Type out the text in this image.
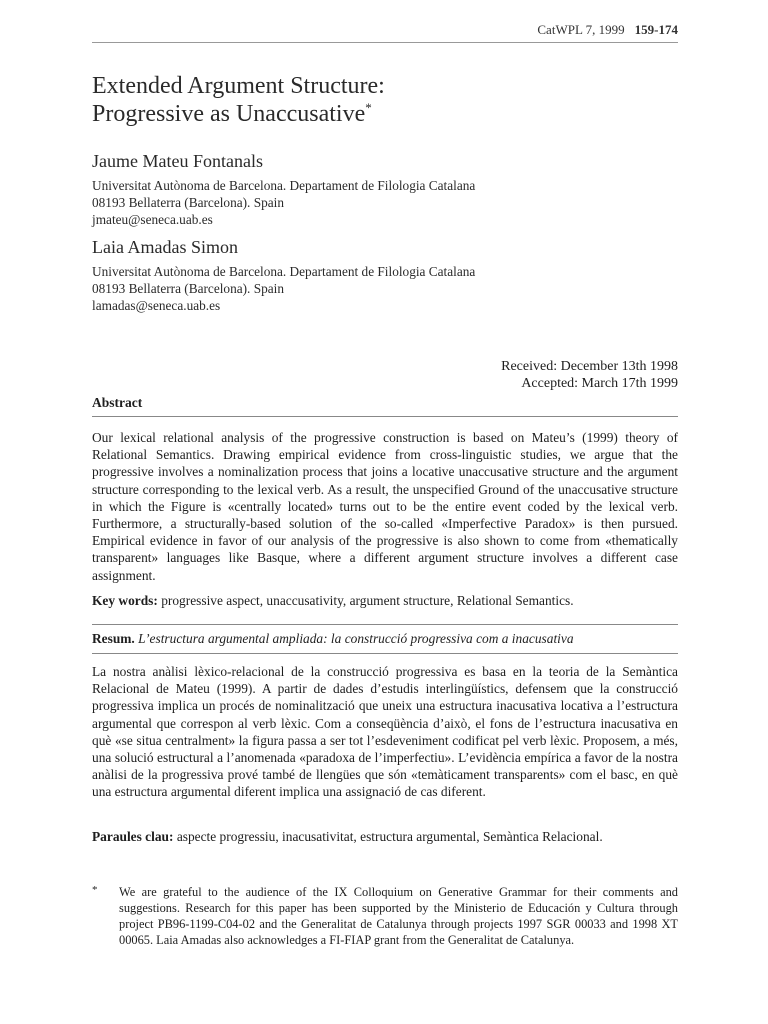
CatWPL 7, 1999 159-174
Extended Argument Structure:
Progressive as Unaccusative*
Jaume Mateu Fontanals
Universitat Autònoma de Barcelona. Departament de Filologia Catalana
08193 Bellaterra (Barcelona). Spain
jmateu@seneca.uab.es
Laia Amadas Simon
Universitat Autònoma de Barcelona. Departament de Filologia Catalana
08193 Bellaterra (Barcelona). Spain
lamadas@seneca.uab.es
Received: December 13th 1998
Accepted: March 17th 1999
Abstract
Our lexical relational analysis of the progressive construction is based on Mateu’s (1999) theory of Relational Semantics. Drawing empirical evidence from cross-linguistic studies, we argue that the progressive involves a nominalization process that joins a locative unaccusative structure and the argument structure corresponding to the lexical verb. As a result, the unspecified Ground of the unaccusative structure in which the Figure is «centrally located» turns out to be the entire event coded by the lexical verb. Furthermore, a structurally-based solution of the so-called «Imperfective Paradox» is then pursued. Empirical evidence in favor of our analysis of the progressive is also shown to come from «thematically transparent» languages like Basque, where a different argument structure involves a different case assignment.
Key words: progressive aspect, unaccusativity, argument structure, Relational Semantics.
Resum. L’estructura argumental ampliada: la construcció progressiva com a inacusativa
La nostra anàlisi lèxico-relacional de la construcció progressiva es basa en la teoria de la Semàntica Relacional de Mateu (1999). A partir de dades d’estudis interlingüístics, defensem que la construcció progressiva implica un procés de nominalització que uneix una estructura inacusativa locativa a l’estructura argumental que correspon al verb lèxic. Com a conseqüència d’això, el fons de l’estructura inacusativa en què «se situa centralment» la figura passa a ser tot l’esdeveniment codificat pel verb lèxic. Proposem, a més, una solució estructural a l’anomenada «paradoxa de l’imperfectiu». L’evidència empírica a favor de la nostra anàlisi de la progressiva prové també de llengües que són «temàticament transparents» com el basc, en què una estructura argumental diferent implica una assignació de cas diferent.
Paraules clau: aspecte progressiu, inacusativitat, estructura argumental, Semàntica Relacional.
* We are grateful to the audience of the IX Colloquium on Generative Grammar for their comments and suggestions. Research for this paper has been supported by the Ministerio de Educación y Cultura through project PB96-1199-C04-02 and the Generalitat de Catalunya through projects 1997 SGR 00033 and 1998 XT 00065. Laia Amadas also acknowledges a FI-FIAP grant from the Generalitat de Catalunya.
